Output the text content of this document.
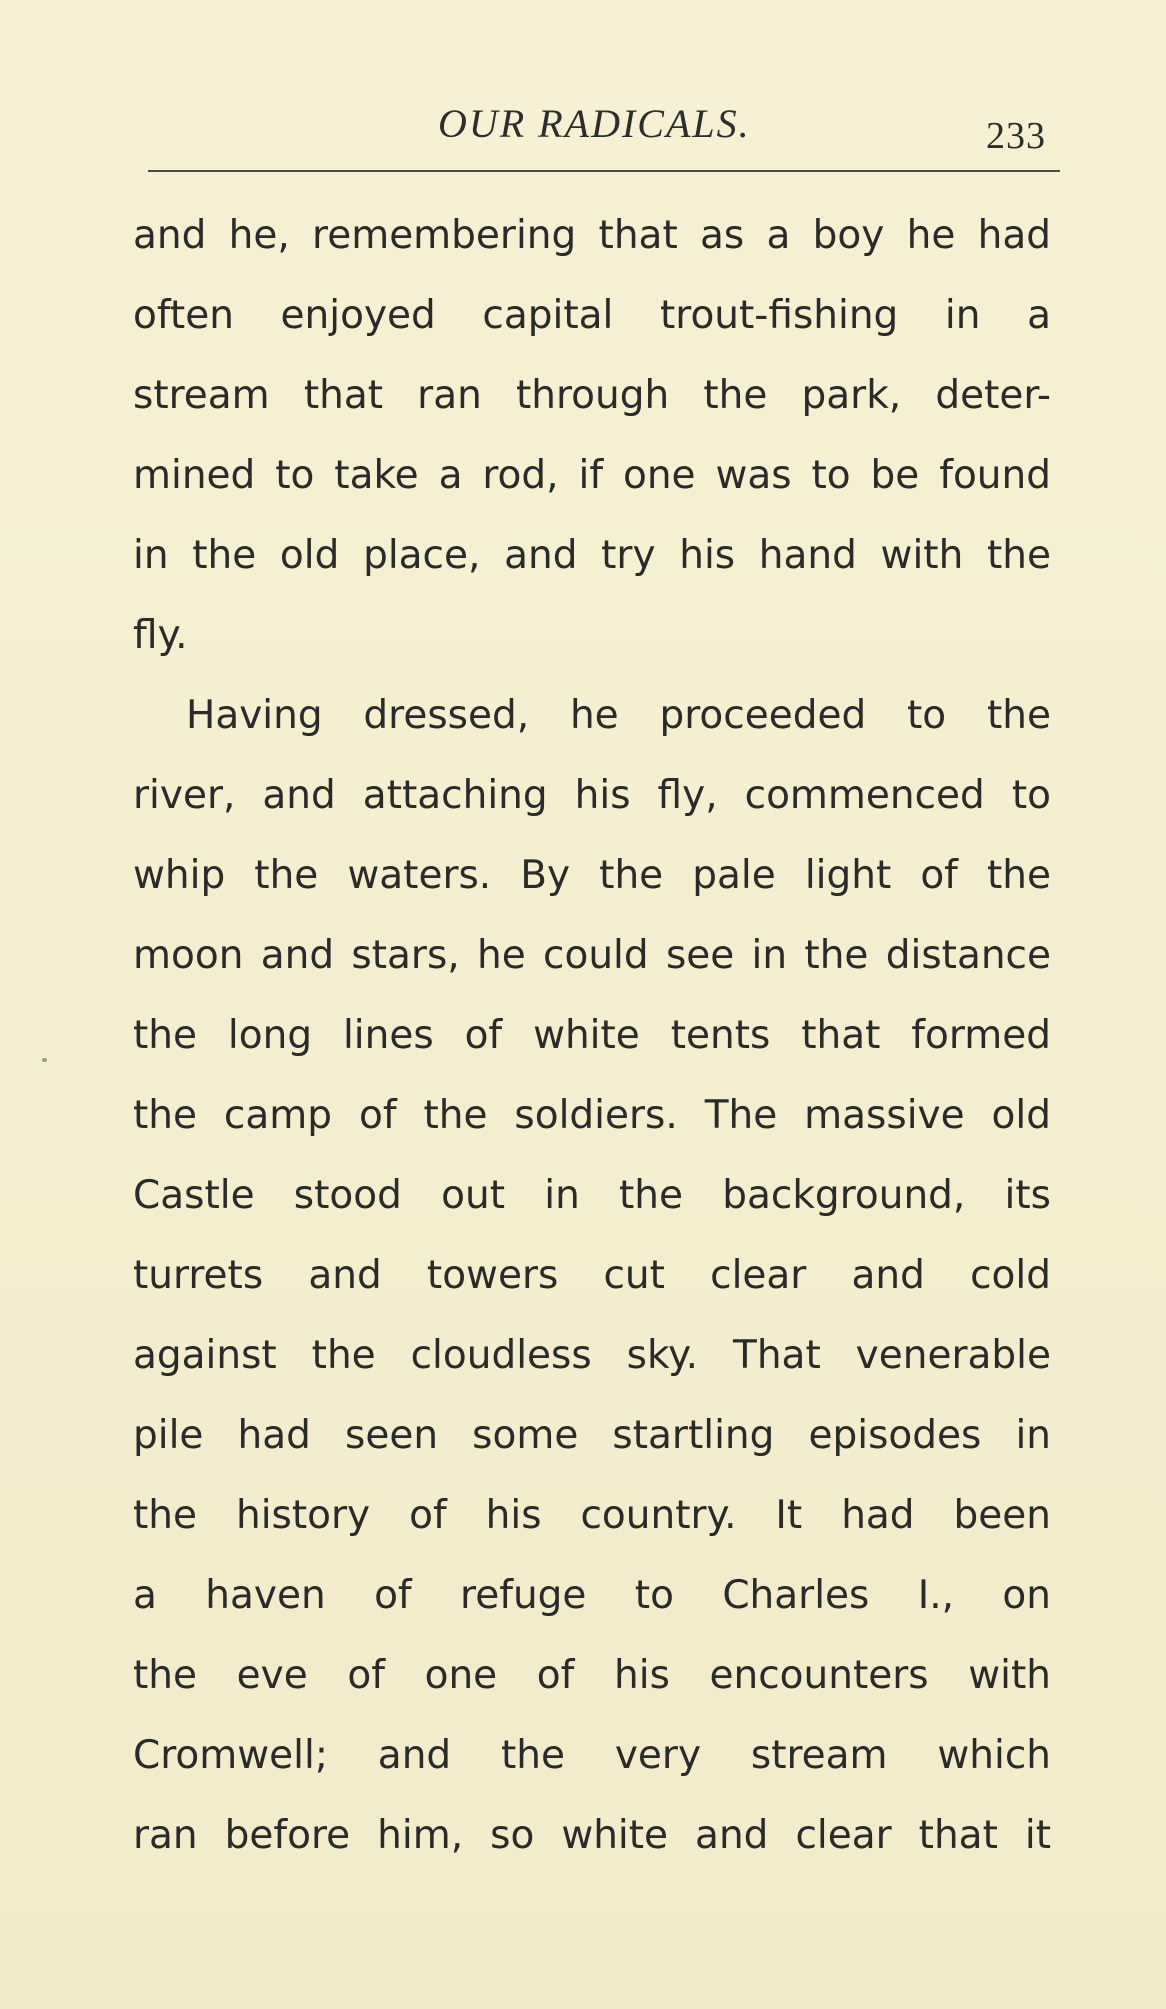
OUR RADICALS.	233
and he, remembering that as a boy he had
often enjoyed capital trout-fishing in a
stream that ran through the park, deter-
mined to take a rod, if one was to be found
in the old place, and try his hand with the
fly.
Having dressed, he proceeded to the
river, and attaching his fly, commenced to
whip the waters. By the pale light of the
moon and stars, he could see in the distance
the long lines of white tents that formed
the camp of the soldiers. The massive old
Castle stood out in the background, its
turrets and towers cut clear and cold
against the cloudless sky. That venerable
pile had seen some startling episodes in
the history of his country. It had been
a haven of refuge to Charles I., on
the eve of one of his encounters with
Cromwell; and the very stream which
ran before him, so white and clear that it
